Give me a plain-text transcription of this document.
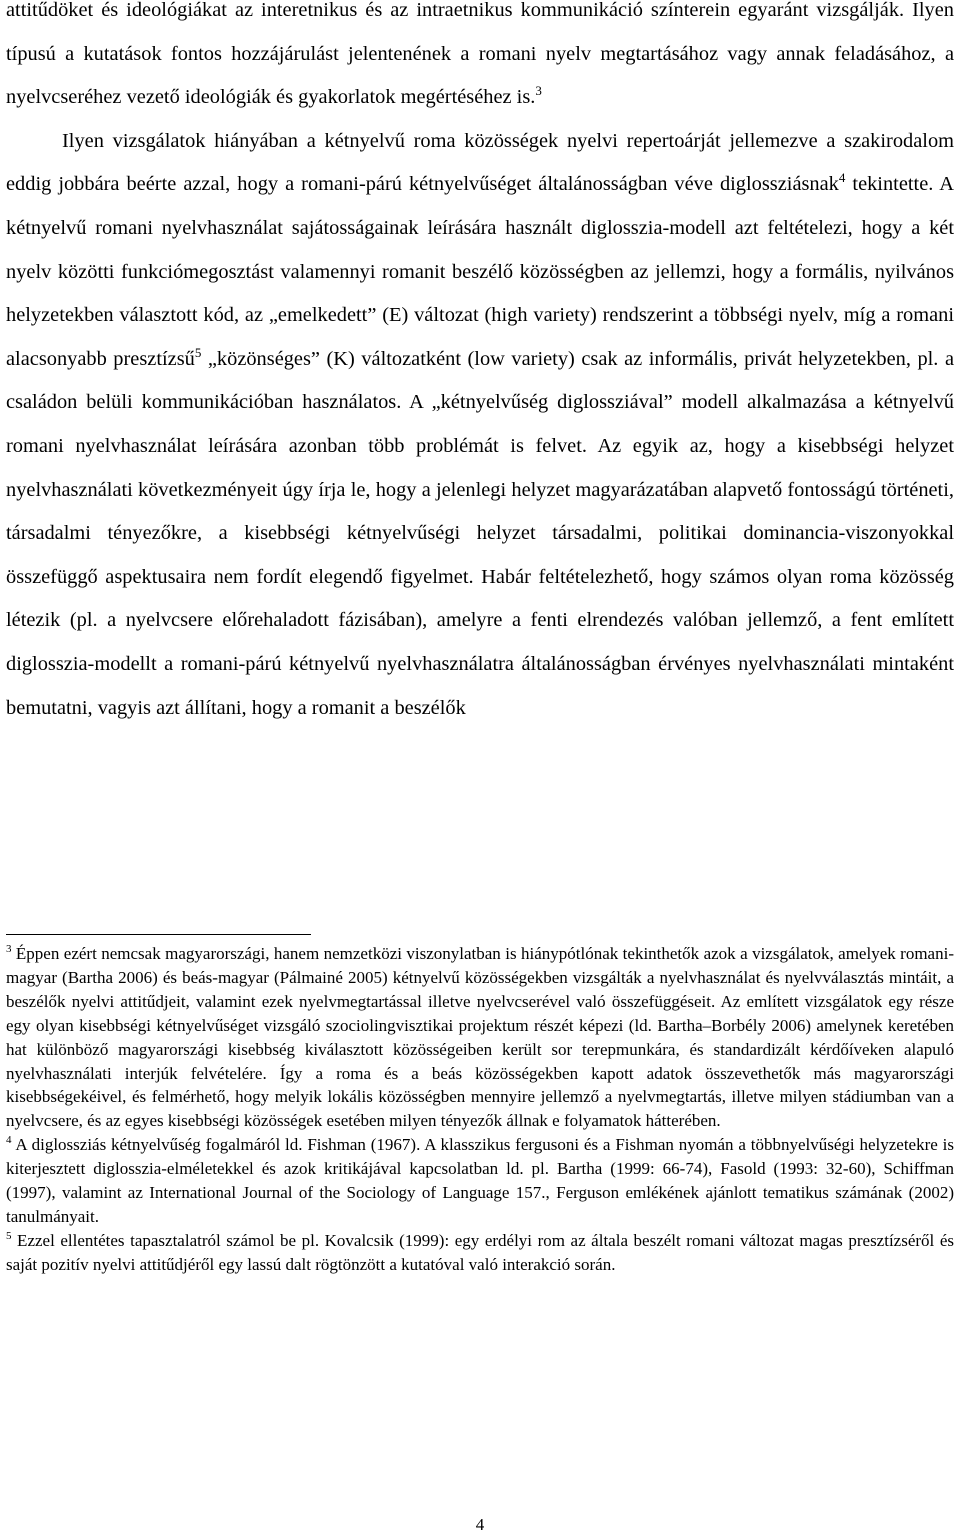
attitűdöket és ideológiákat az interetnikus és az intraetnikus kommunikáció színterein egyaránt vizsgálják. Ilyen típusú a kutatások fontos hozzájárulást jelentenének a romani nyelv megtartásához vagy annak feladásához, a nyelvcseréhez vezető ideológiák és gyakorlatok megértéséhez is.$^3$

Ilyen vizsgálatok hiányában a kétnyelvű roma közösségek nyelvi repertoárját jellemezve a szakirodalom eddig jobbára beérte azzal, hogy a romani-párú kétnyelvűséget általánosságban véve diglossziásnak$^4$ tekintette. A kétnyelvű romani nyelvhasználat sajátosságainak leírására használt diglosszia-modell azt feltételezi, hogy a két nyelv közötti funkciómegosztást valamennyi romanit beszélő közösségben az jellemzi, hogy a formális, nyilvános helyzetekben választott kód, az „emelkedett” (E) változat (high variety) rendszerint a többségi nyelv, míg a romani alacsonyabb presztízsű$^5$ „közönséges” (K) változatként (low variety) csak az informális, privát helyzetekben, pl. a családon belüli kommunikációban használatos. A „kétnyelvűség diglossziával” modell alkalmazása a kétnyelvű romani nyelvhasználat leírására azonban több problémát is felvet. Az egyik az, hogy a kisebbségi helyzet nyelvhasználati következményeit úgy írja le, hogy a jelenlegi helyzet magyarázatában alapvető fontosságú történeti, társadalmi tényezőkre, a kisebbségi kétnyelvűségi helyzet társadalmi, politikai dominancia-viszonyokkal összefüggő aspektusaira nem fordít elegendő figyelmet. Habár feltételezhető, hogy számos olyan roma közösség létezik (pl. a nyelvcsere előrehaladott fázisában), amelyre a fenti elrendezés valóban jellemző, a fent említett diglosszia-modellt a romani-párú kétnyelvű nyelvhasználatra általánosságban érvényes nyelvhasználati mintaként bemutatni, vagyis azt állítani, hogy a romanit a beszélők

$^3$ Éppen ezért nemcsak magyarországi, hanem nemzetközi viszonylatban is hiánypótlónak tekinthetők azok a vizsgálatok, amelyek romani-magyar (Bartha 2006) és beás-magyar (Pálmainé 2005) kétnyelvű közösségekben vizsgálták a nyelvhasználat és nyelvválasztás mintáit, a beszélők nyelvi attitűdjeit, valamint ezek nyelvmegtartással illetve nyelvcserével való összefüggéseit. Az említett vizsgálatok egy része egy olyan kisebbségi kétnyelvűséget vizsgáló szociolingvisztikai projektum részét képezi (ld. Bartha–Borbély 2006) amelynek keretében hat különböző magyarországi kisebbség kiválasztott közösségeiben került sor terepmunkára, és standardizált kérdőíveken alapuló nyelvhasználati interjúk felvételére. Így a roma és a beás közösségekben kapott adatok összevethetők más magyarországi kisebbségekéivel, és felmérhető, hogy melyik lokális közösségben mennyire jellemző a nyelvmegtartás, illetve milyen stádiumban van a nyelvcsere, és az egyes kisebbségi közösségek esetében milyen tényezők állnak e folyamatok hátterében.

$^4$ A diglossziás kétnyelvűség fogalmáról ld. Fishman (1967). A klasszikus fergusoni és a Fishman nyomán a többnyelvűségi helyzetekre is kiterjesztett diglosszia-elméletekkel és azok kritikájával kapcsolatban ld. pl. Bartha (1999: 66-74), Fasold (1993: 32-60), Schiffman (1997), valamint az International Journal of the Sociology of Language 157., Ferguson emlékének ajánlott tematikus számának (2002) tanulmányait.

$^5$ Ezzel ellentétes tapasztalatról számol be pl. Kovalcsik (1999): egy erdélyi rom az általa beszélt romani változat magas presztízséről és saját pozitív nyelvi attitűdjéről egy lassú dalt rögtönzött a kutatóval való interakció során.

4
